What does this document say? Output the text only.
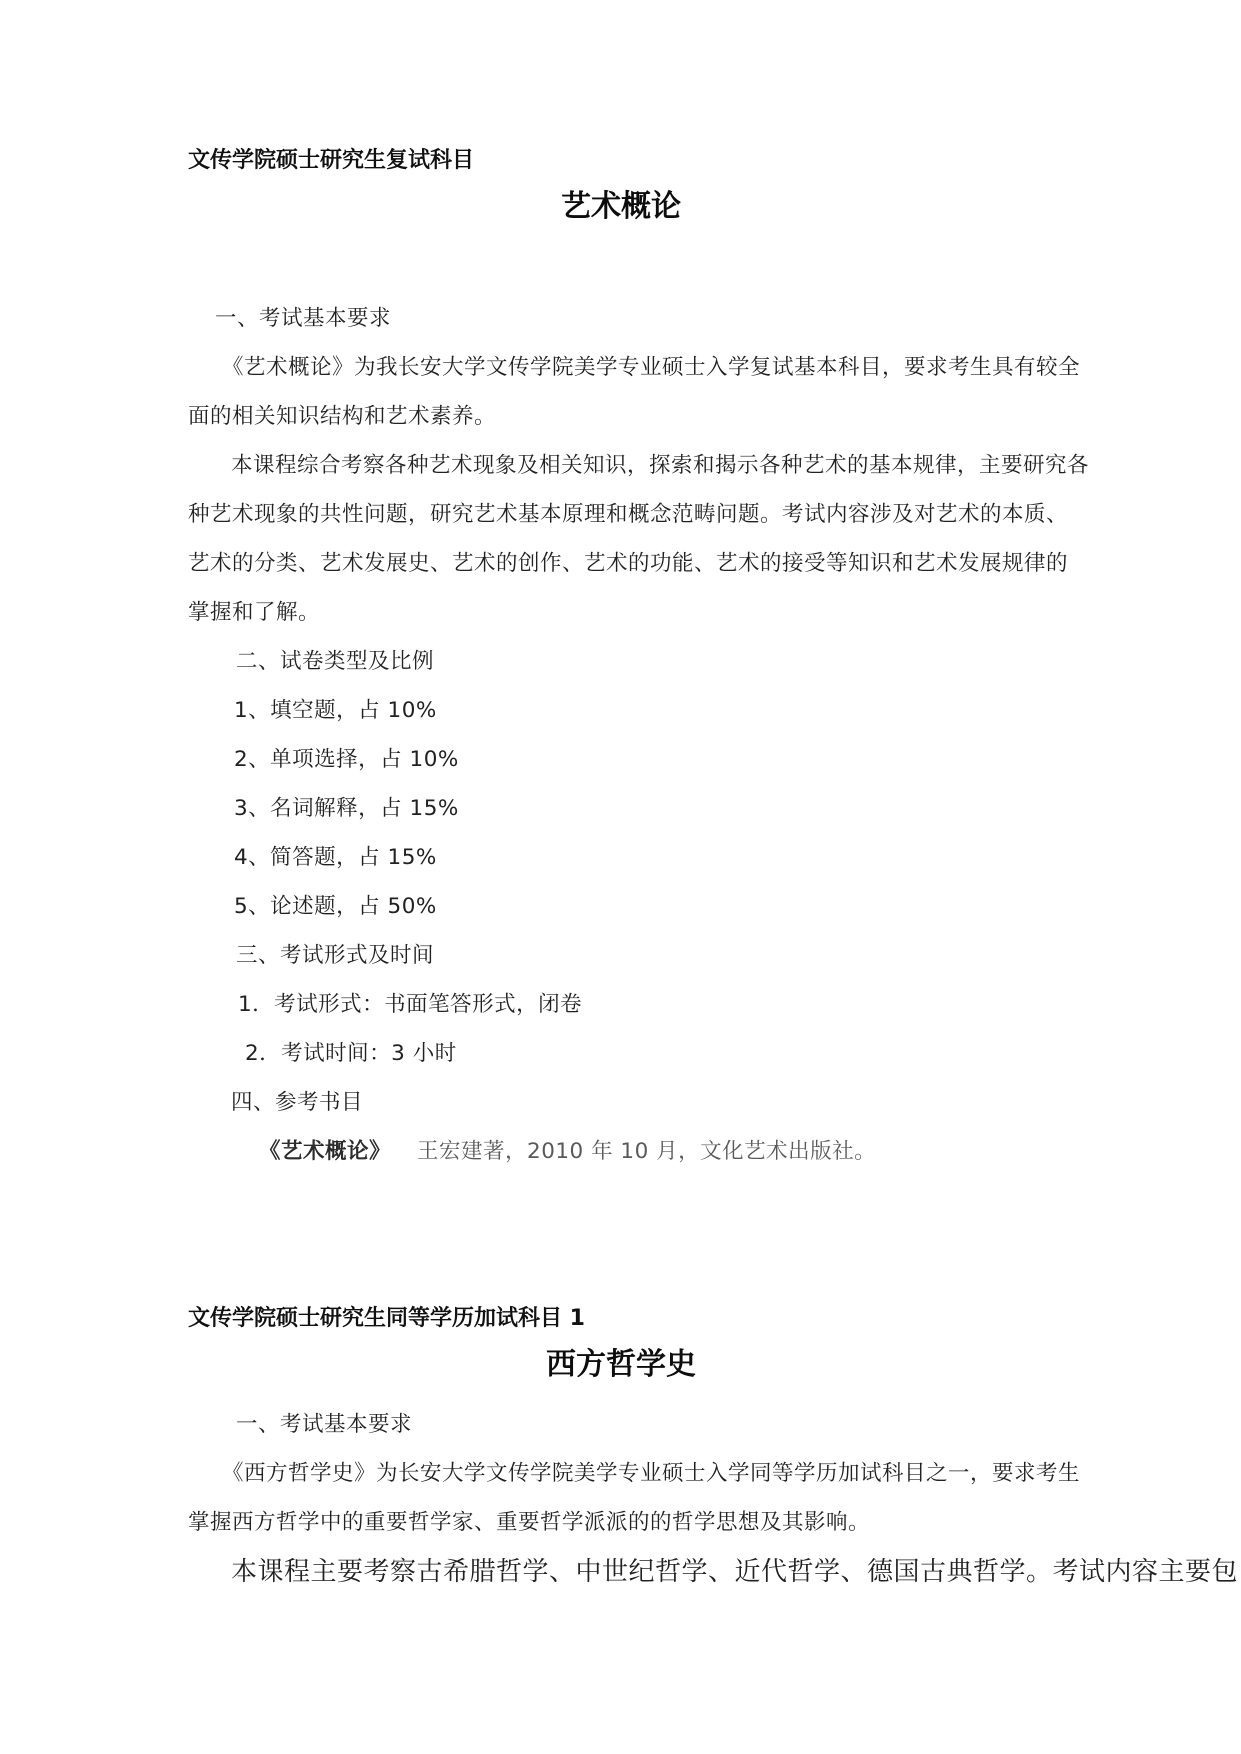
文传学院硕士研究生复试科目
艺术概论
一、考试基本要求
《艺术概论》为我长安大学文传学院美学专业硕士入学复试基本科目，要求考生具有较全
面的相关知识结构和艺术素养。
本课程综合考察各种艺术现象及相关知识，探索和揭示各种艺术的基本规律，主要研究各
种艺术现象的共性问题，研究艺术基本原理和概念范畴问题。考试内容涉及对艺术的本质、
艺术的分类、艺术发展史、艺术的创作、艺术的功能、艺术的接受等知识和艺术发展规律的
掌握和了解。
二、试卷类型及比例
1、填空题，占 10%
2、单项选择，占 10%
3、名词解释，占 15%
4、简答题，占 15%
5、论述题，占 50%
三、考试形式及时间
1．考试形式：书面笔答形式，闭卷
2．考试时间：3 小时
四、参考书目
《艺术概论》 王宏建著，2010 年 10 月，文化艺术出版社。
文传学院硕士研究生同等学历加试科目 1
西方哲学史
一、考试基本要求
《西方哲学史》为长安大学文传学院美学专业硕士入学同等学历加试科目之一，要求考生
掌握西方哲学中的重要哲学家、重要哲学派派的的哲学思想及其影响。
本课程主要考察古希腊哲学、中世纪哲学、近代哲学、德国古典哲学。考试内容主要包
